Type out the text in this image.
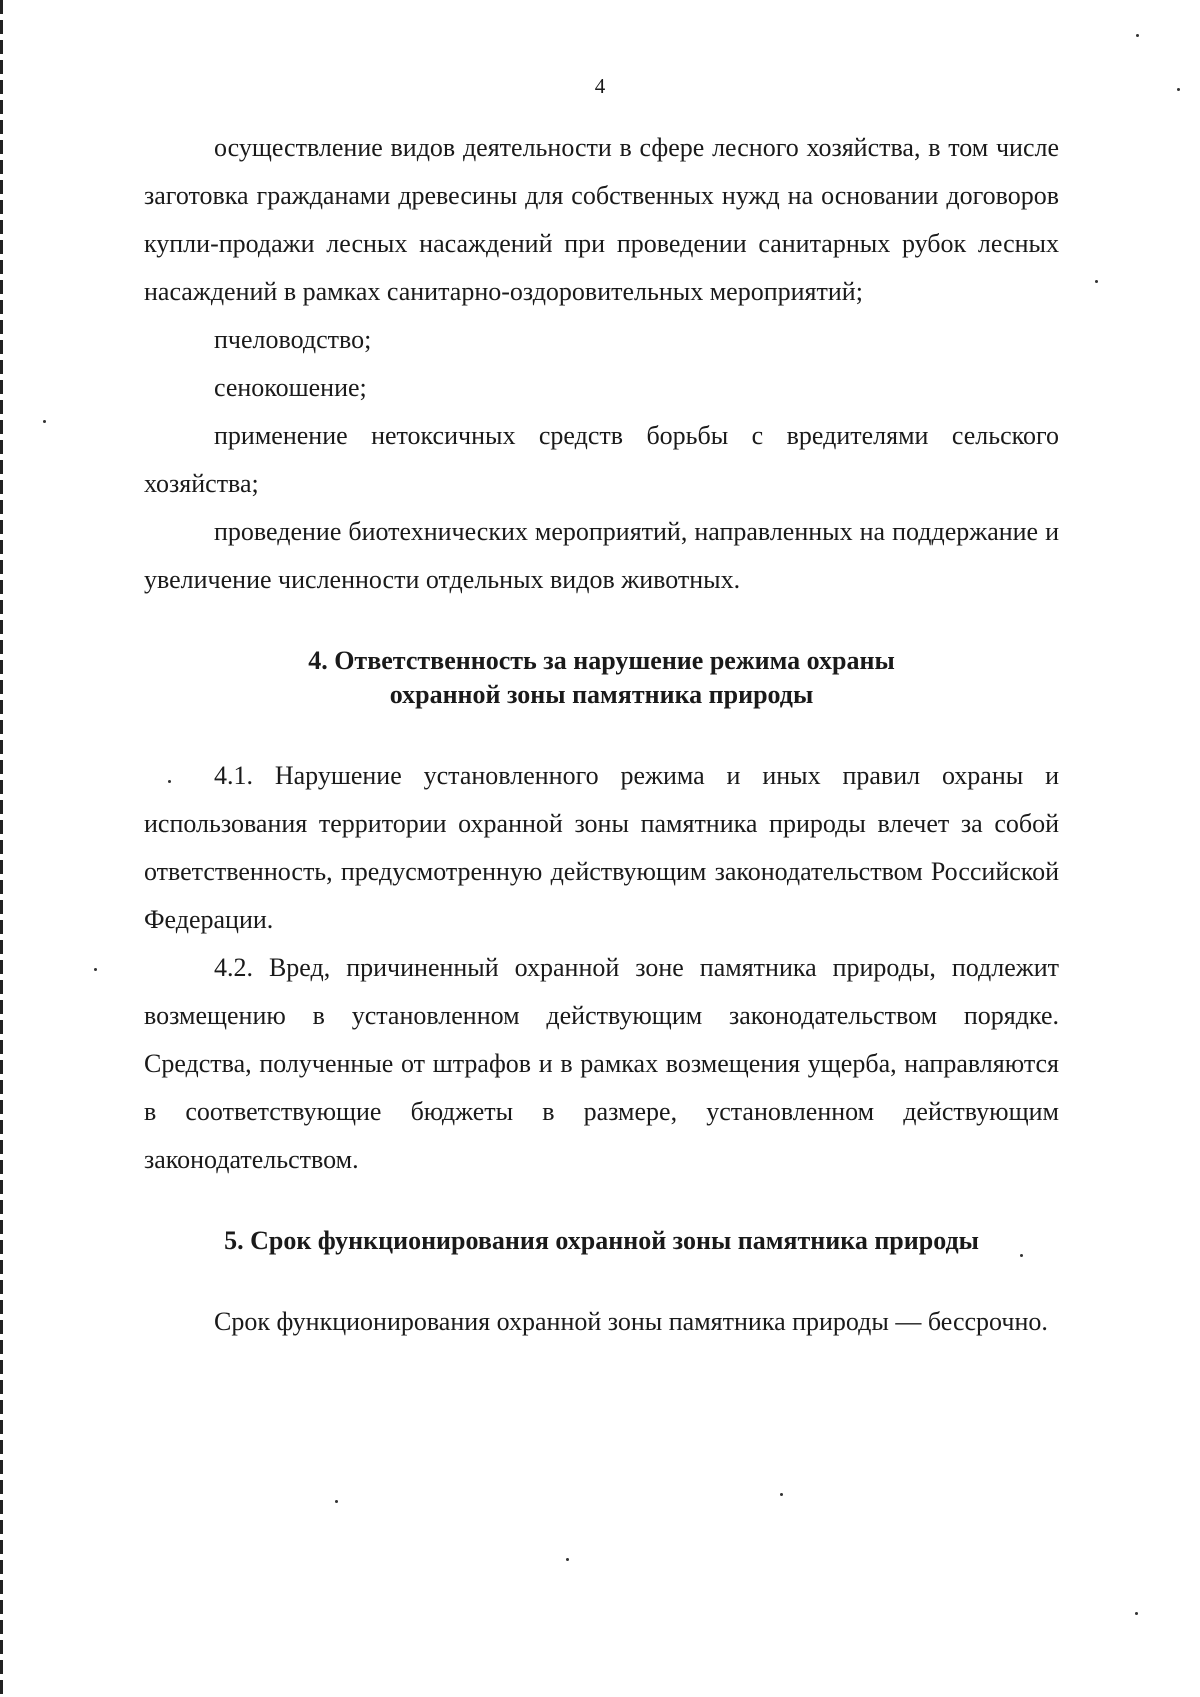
4

осуществление видов деятельности в сфере лесного хозяйства, в том числе заготовка гражданами древесины для собственных нужд на основании договоров купли-продажи лесных насаждений при проведении санитарных рубок лесных насаждений в рамках санитарно-оздоровительных мероприятий;

пчеловодство;

сенокошение;

применение нетоксичных средств борьбы с вредителями сельского хозяйства;

проведение биотехнических мероприятий, направленных на поддержание и увеличение численности отдельных видов животных.

4. Ответственность за нарушение режима охраны
охранной зоны памятника природы

4.1. Нарушение установленного режима и иных правил охраны и использования территории охранной зоны памятника природы влечет за собой ответственность, предусмотренную действующим законодательством Российской Федерации.

4.2. Вред, причиненный охранной зоне памятника природы, подлежит возмещению в установленном действующим законодательством порядке. Средства, полученные от штрафов и в рамках возмещения ущерба, направляются в соответствующие бюджеты в размере, установленном действующим законодательством.

5. Срок функционирования охранной зоны памятника природы

Срок функционирования охранной зоны памятника природы — бессрочно.
